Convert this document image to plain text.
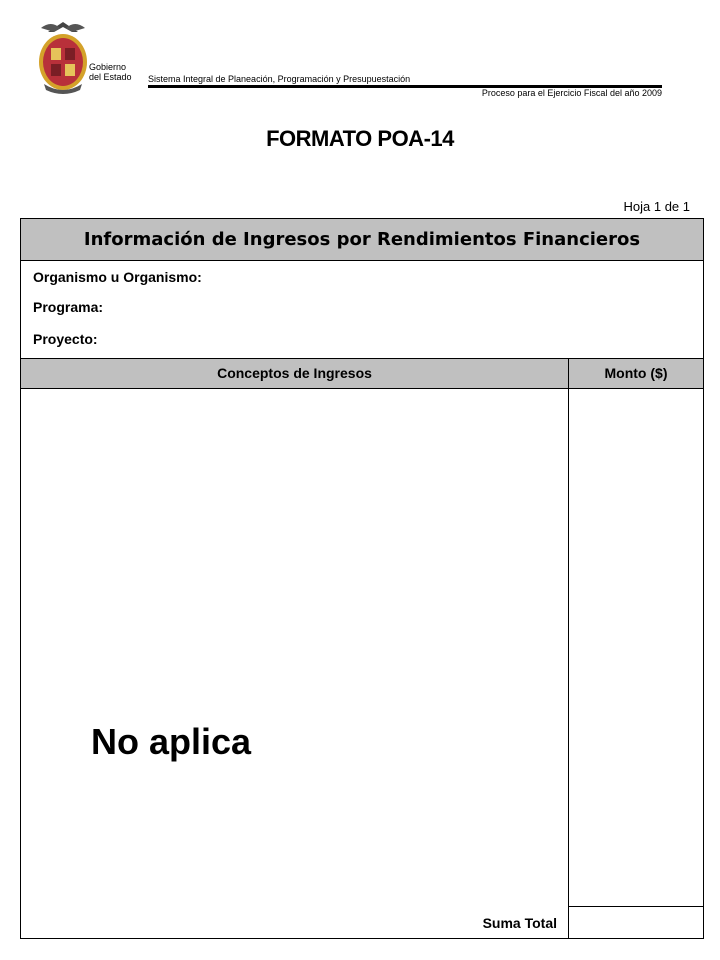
Gobierno
del Estado Sistema Integral de Planeación, Programación y Presupuestación
Proceso para el Ejercicio Fiscal del año 2009
FORMATO POA-14
Hoja 1 de 1
Información de Ingresos por Rendimientos Financieros
Organismo u Organismo:
Programa:
Proyecto:
Conceptos de Ingresos	Monto ($)
No aplica
Suma Total
